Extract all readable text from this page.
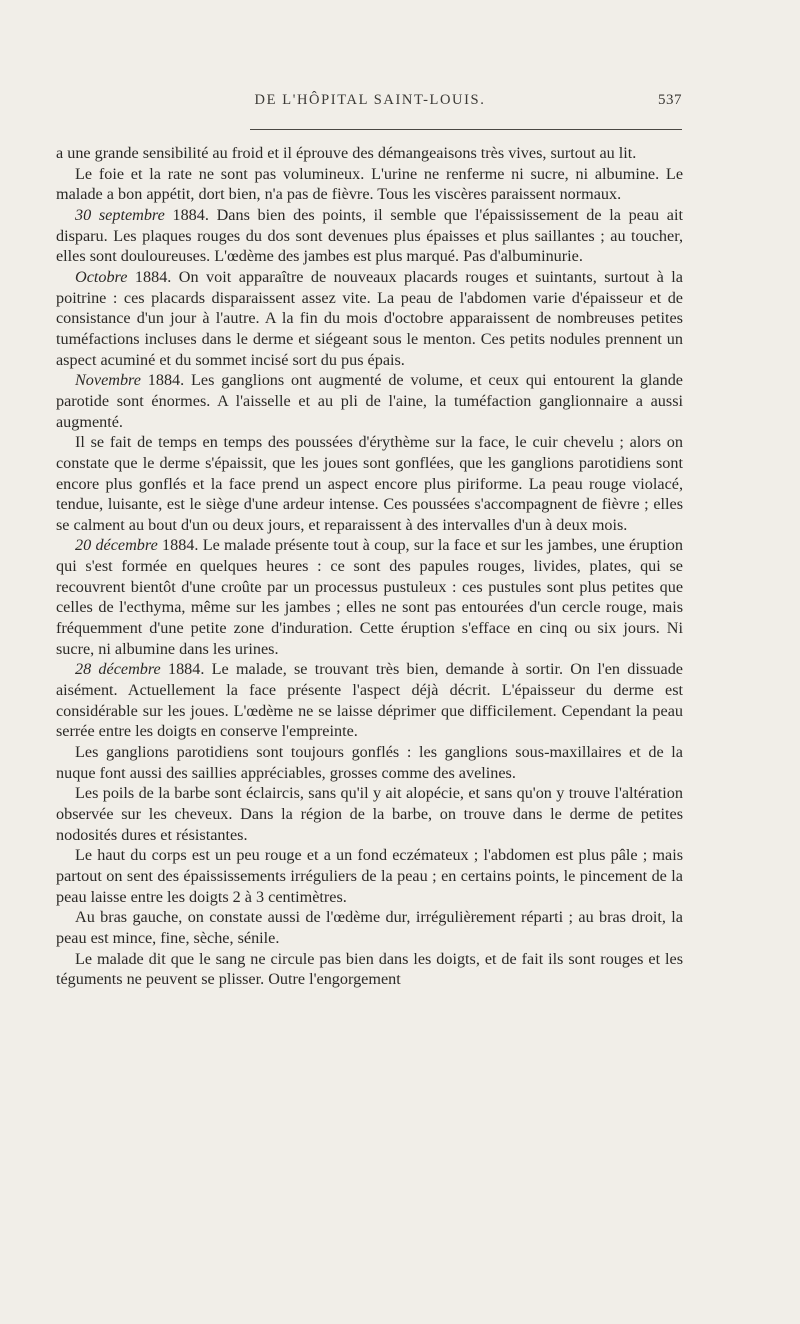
DE L'HÔPITAL SAINT-LOUIS.	537

a une grande sensibilité au froid et il éprouve des démangeaisons très vives, surtout au lit.

Le foie et la rate ne sont pas volumineux. L'urine ne renferme ni sucre, ni albumine. Le malade a bon appétit, dort bien, n'a pas de fièvre. Tous les viscères paraissent normaux.

30 septembre 1884. Dans bien des points, il semble que l'épaississement de la peau ait disparu. Les plaques rouges du dos sont devenues plus épaisses et plus saillantes ; au toucher, elles sont douloureuses. L'œdème des jambes est plus marqué. Pas d'albuminurie.

Octobre 1884. On voit apparaître de nouveaux placards rouges et suintants, surtout à la poitrine : ces placards disparaissent assez vite. La peau de l'abdomen varie d'épaisseur et de consistance d'un jour à l'autre. A la fin du mois d'octobre apparaissent de nombreuses petites tuméfactions incluses dans le derme et siégeant sous le menton. Ces petits nodules prennent un aspect acuminé et du sommet incisé sort du pus épais.

Novembre 1884. Les ganglions ont augmenté de volume, et ceux qui entourent la glande parotide sont énormes. A l'aisselle et au pli de l'aine, la tuméfaction ganglionnaire a aussi augmenté.

Il se fait de temps en temps des poussées d'érythème sur la face, le cuir chevelu ; alors on constate que le derme s'épaissit, que les joues sont gonflées, que les ganglions parotidiens sont encore plus gonflés et la face prend un aspect encore plus piriforme. La peau rouge violacé, tendue, luisante, est le siège d'une ardeur intense. Ces poussées s'accompagnent de fièvre ; elles se calment au bout d'un ou deux jours, et reparaissent à des intervalles d'un à deux mois.

20 décembre 1884. Le malade présente tout à coup, sur la face et sur les jambes, une éruption qui s'est formée en quelques heures : ce sont des papules rouges, livides, plates, qui se recouvrent bientôt d'une croûte par un processus pustuleux : ces pustules sont plus petites que celles de l'ecthyma, même sur les jambes ; elles ne sont pas entourées d'un cercle rouge, mais fréquemment d'une petite zone d'induration. Cette éruption s'efface en cinq ou six jours. Ni sucre, ni albumine dans les urines.

28 décembre 1884. Le malade, se trouvant très bien, demande à sortir. On l'en dissuade aisément. Actuellement la face présente l'aspect déjà décrit. L'épaisseur du derme est considérable sur les joues. L'œdème ne se laisse déprimer que difficilement. Cependant la peau serrée entre les doigts en conserve l'empreinte.

Les ganglions parotidiens sont toujours gonflés : les ganglions sous-maxillaires et de la nuque font aussi des saillies appréciables, grosses comme des avelines.

Les poils de la barbe sont éclaircis, sans qu'il y ait alopécie, et sans qu'on y trouve l'altération observée sur les cheveux. Dans la région de la barbe, on trouve dans le derme de petites nodosités dures et résistantes.

Le haut du corps est un peu rouge et a un fond eczémateux ; l'abdomen est plus pâle ; mais partout on sent des épaississements irréguliers de la peau ; en certains points, le pincement de la peau laisse entre les doigts 2 à 3 centimètres.

Au bras gauche, on constate aussi de l'œdème dur, irrégulièrement réparti ; au bras droit, la peau est mince, fine, sèche, sénile.

Le malade dit que le sang ne circule pas bien dans les doigts, et de fait ils sont rouges et les téguments ne peuvent se plisser. Outre l'engorgement
